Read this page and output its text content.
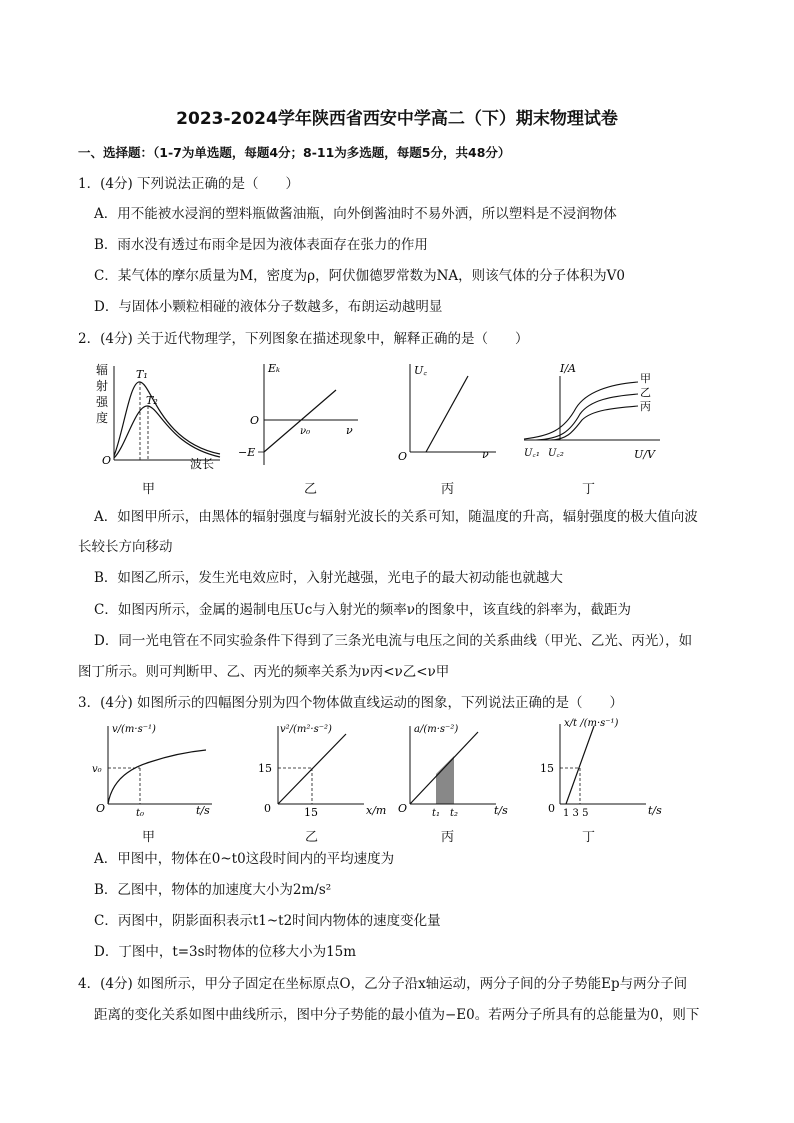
2023-2024学年陕西省西安中学高二（下）期末物理试卷
一、选择题：（1-7为单选题，每题4分；8-11为多选题，每题5分，共48分）
1．(4分) 下列说法正确的是（　　）
A．用不能被水浸润的塑料瓶做酱油瓶，向外倒酱油时不易外洒，所以塑料是不浸润物体
B．雨水没有透过布雨伞是因为液体表面存在张力的作用
C．某气体的摩尔质量为M，密度为ρ，阿伏伽德罗常数为NA，则该气体的分子体积为V0
D．与固体小颗粒相碰的液体分子数越多，布朗运动越明显
2．(4分) 关于近代物理学，下列图象在描述现象中，解释正确的是（　　）
辐射强度
T₁
T₂
O	波长
甲
Eₖ
O
ν₀	ν
−E
乙
U꜀
O	ν
丙
I/A
甲
乙
丙
U꜀₁ U꜀₂	U/V
丁
A．如图甲所示，由黑体的辐射强度与辐射光波长的关系可知，随温度的升高，辐射强度的极大值向波
长较长方向移动
B．如图乙所示，发生光电效应时，入射光越强，光电子的最大初动能也就越大
C．如图丙所示，金属的遏制电压Uc与入射光的频率ν的图象中，该直线的斜率为，截距为
D．同一光电管在不同实验条件下得到了三条光电流与电压之间的关系曲线（甲光、乙光、丙光），如
图丁所示。则可判断甲、乙、丙光的频率关系为ν丙<ν乙<ν甲
3．(4分) 如图所示的四幅图分别为四个物体做直线运动的图象，下列说法正确的是（　　）
v/(m·s⁻¹)
v₀
O	t₀	t/s
甲
v²/(m²·s⁻²)
15
0	15	x/m
乙
a/(m·s⁻²)
O t₁ t₂	t/s
丙
x/t /(m·s⁻¹)
15
0 1 3 5	t/s
丁
A．甲图中，物体在0~t0这段时间内的平均速度为
B．乙图中，物体的加速度大小为2m/s²
C．丙图中，阴影面积表示t1~t2时间内物体的速度变化量
D．丁图中，t=3s时物体的位移大小为15m
4．(4分) 如图所示，甲分子固定在坐标原点O，乙分子沿x轴运动，两分子间的分子势能Ep与两分子间
距离的变化关系如图中曲线所示，图中分子势能的最小值为−E0。若两分子所具有的总能量为0，则下
